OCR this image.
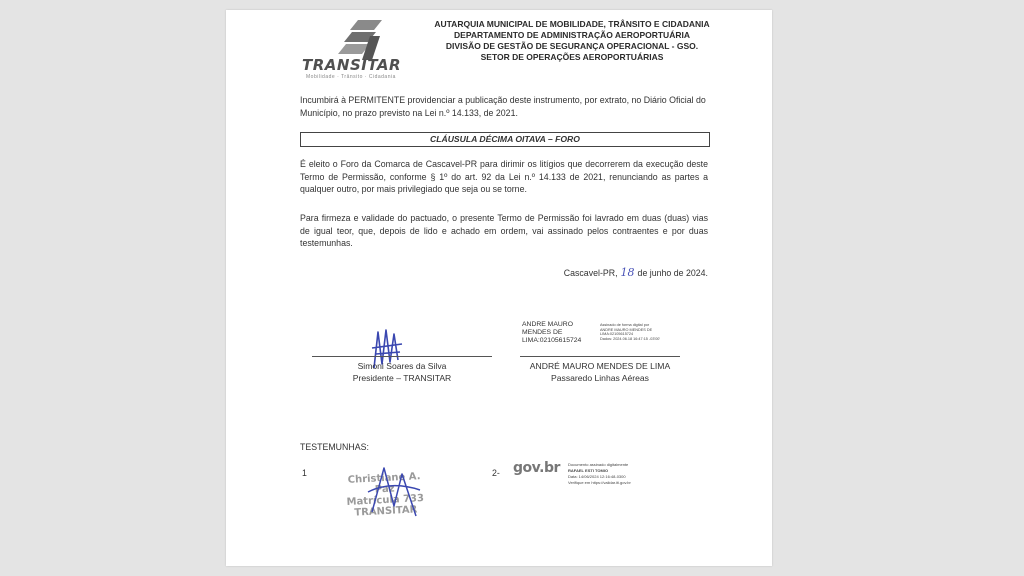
TRANSITAR
Mobilidade · Trânsito · Cidadania
AUTARQUIA MUNICIPAL DE MOBILIDADE, TRÂNSITO E CIDADANIA
DEPARTAMENTO DE ADMINISTRAÇÃO AEROPORTUÁRIA
DIVISÃO DE GESTÃO DE SEGURANÇA OPERACIONAL - GSO.
SETOR DE OPERAÇÕES AEROPORTUÁRIAS
Incumbirá à PERMITENTE providenciar a publicação deste instrumento, por extrato, no Diário Oficial do Município, no prazo previsto na Lei n.º 14.133, de 2021.
CLÁUSULA DÉCIMA OITAVA – FORO
É eleito o Foro da Comarca de Cascavel-PR para dirimir os litígios que decorrerem da execução deste Termo de Permissão, conforme § 1º do art. 92 da Lei n.º 14.133 de 2021, renunciando as partes a qualquer outro, por mais privilegiado que seja ou se torne.
Para firmeza e validade do pactuado, o presente Termo de Permissão foi lavrado em duas (duas) vias de igual teor, que, depois de lido e achado em ordem, vai assinado pelos contraentes e por duas testemunhas.
Cascavel-PR, 18 de junho de 2024.
Simoni Soares da Silva
Presidente – TRANSITAR
ANDRE MAURO
MENDES DE
LIMA:02105615724
Assinado de forma digital por
ANDRE MAURO MENDES DE
LIMA:02105615724
Dados: 2024.06.18 16:47:15 -03'00'
ANDRÉ MAURO MENDES DE LIMA
Passaredo Linhas Aéreas
TESTEMUNHAS:
1	2-
Christiane A. Paz
Matrícula 733
TRANSITAR
gov.br Documento assinado digitalmente
RAFAEL ESTI TOMIO
Data: 14/06/2024 12:16:48-0300
Verifique em https://validar.iti.gov.br
